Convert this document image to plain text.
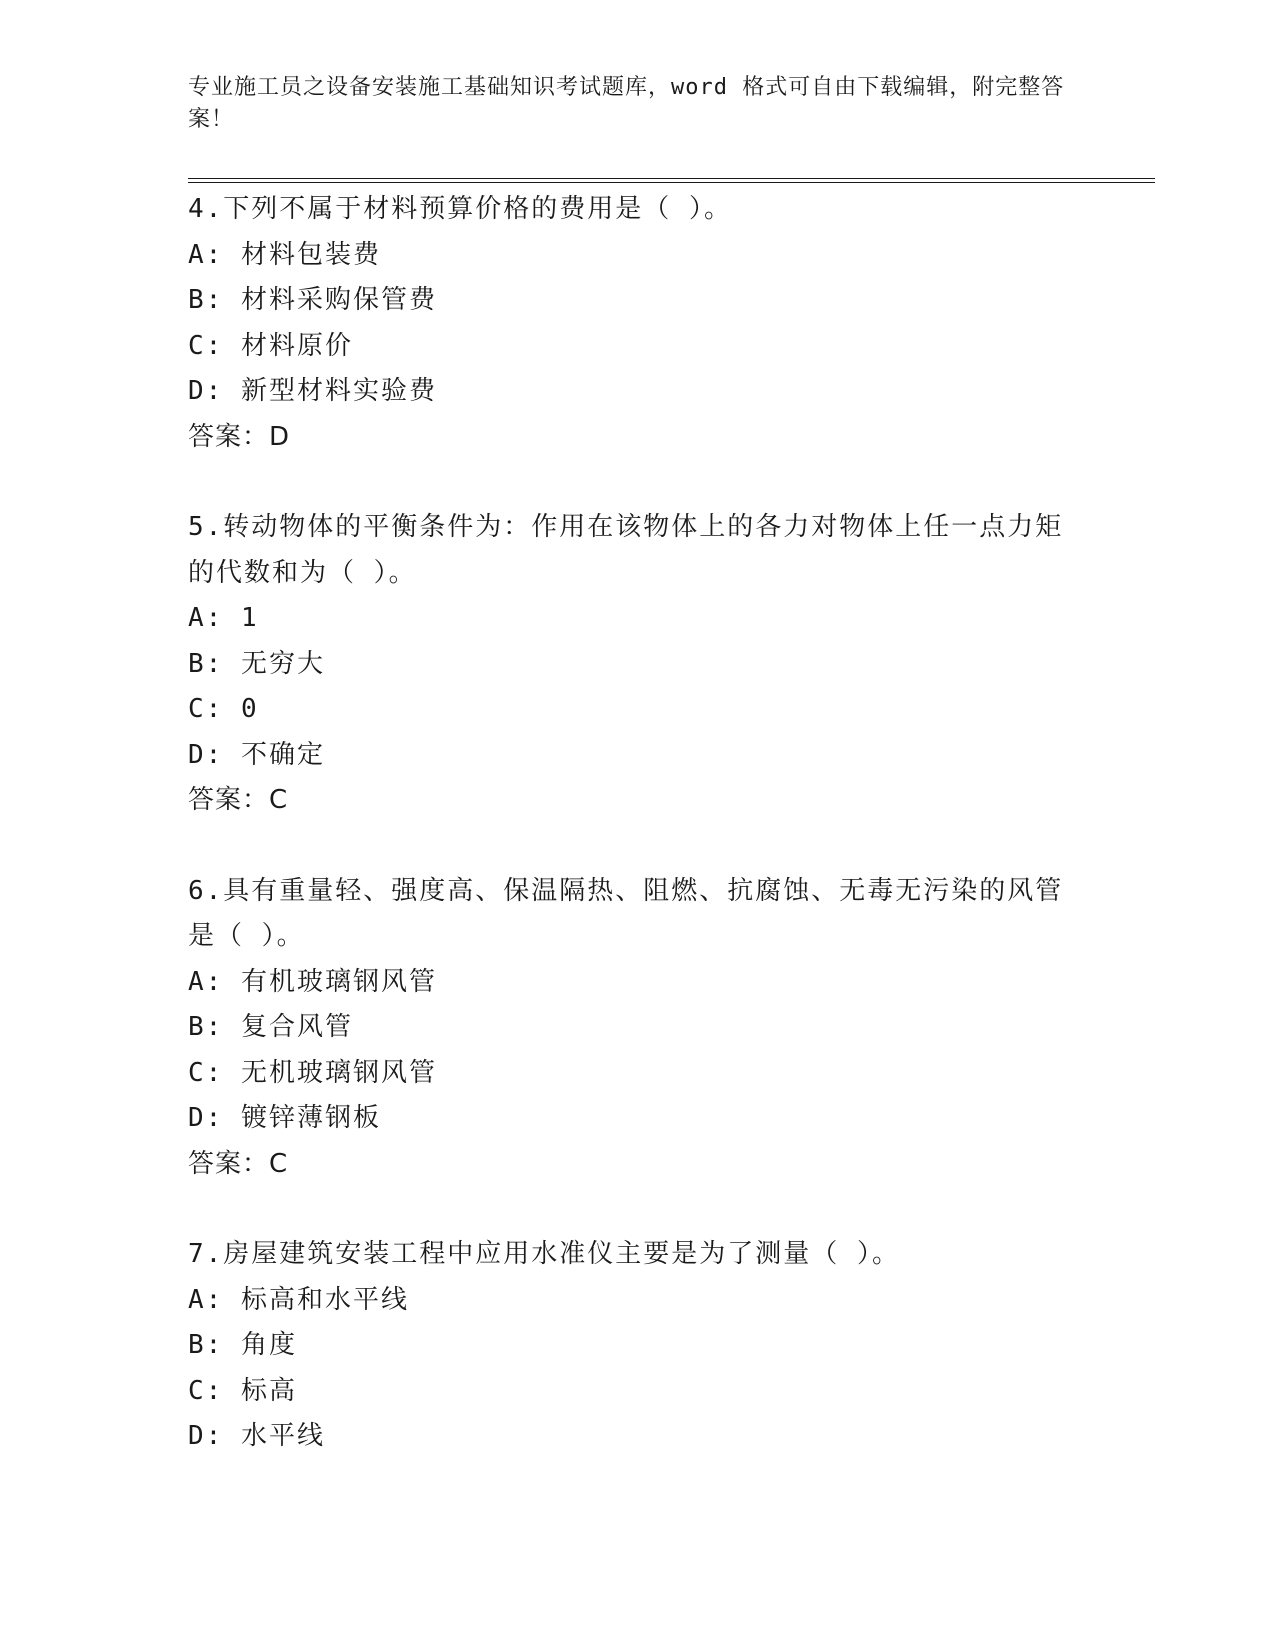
专业施工员之设备安装施工基础知识考试题库，word 格式可自由下载编辑，附完整答案！

4.下列不属于材料预算价格的费用是（ ）。

A: 材料包装费

B: 材料采购保管费

C: 材料原价

D: 新型材料实验费

答案：D

5.转动物体的平衡条件为：作用在该物体上的各力对物体上任一点力矩的代数和为（ ）。

A: 1

B: 无穷大

C: 0

D: 不确定

答案：C

6.具有重量轻、强度高、保温隔热、阻燃、抗腐蚀、无毒无污染的风管是（ ）。

A: 有机玻璃钢风管

B: 复合风管

C: 无机玻璃钢风管

D: 镀锌薄钢板

答案：C

7.房屋建筑安装工程中应用水准仪主要是为了测量（ ）。

A: 标高和水平线

B: 角度

C: 标高

D: 水平线
